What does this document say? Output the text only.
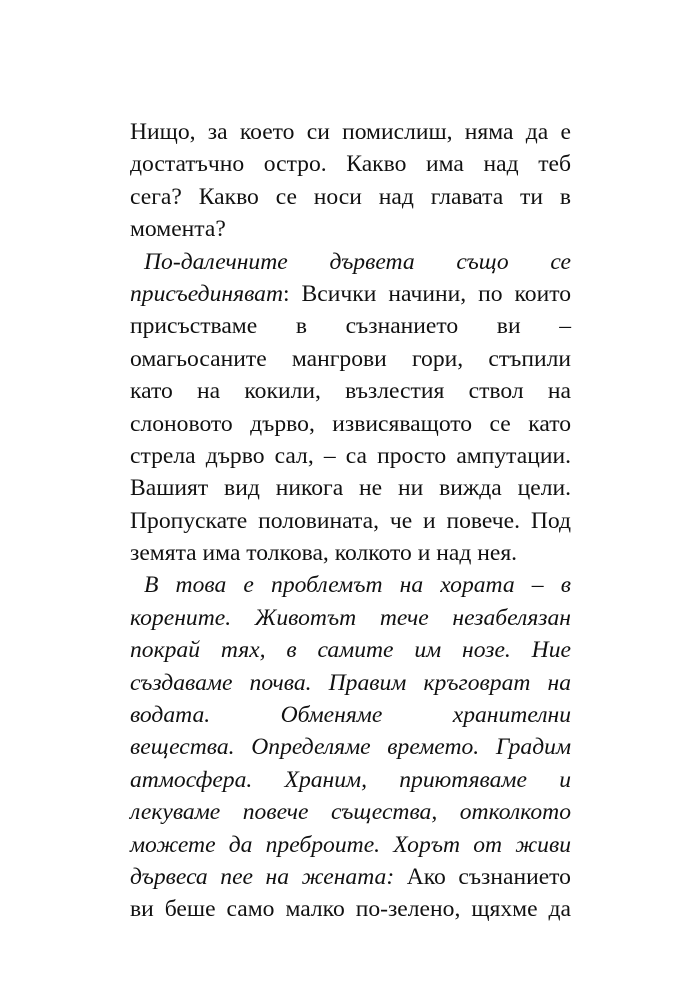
Нищо, за което си помислиш, няма да е
достатъчно остро. Какво има над теб
сега? Какво се носи над главата ти в
момента?
По-далечните дървета също се
присъединяват: Всички начини, по които
присъстваме в съзнанието ви –
омагьосаните мангрови гори, стъпили
като на кокили, възлестия ствол на
слоновото дърво, извисяващото се като
стрела дърво сал, – са просто ампутации.
Вашият вид никога не ни вижда цели.
Пропускате половината, че и повече. Под
земята има толкова, колкото и над нея.
В това е проблемът на хората – в
корените. Животът тече незабелязан
покрай тях, в самите им нозе. Ние
създаваме почва. Правим кръговрат на
водата. Обменяме хранителни
вещества. Определяме времето. Градим
атмосфера. Храним, приютяваме и
лекуваме повече същества, отколкото
можете да преброите. Хорът от живи
дървеса пее на жената: Ако съзнанието
ви беше само малко по-зелено, щяхме да
